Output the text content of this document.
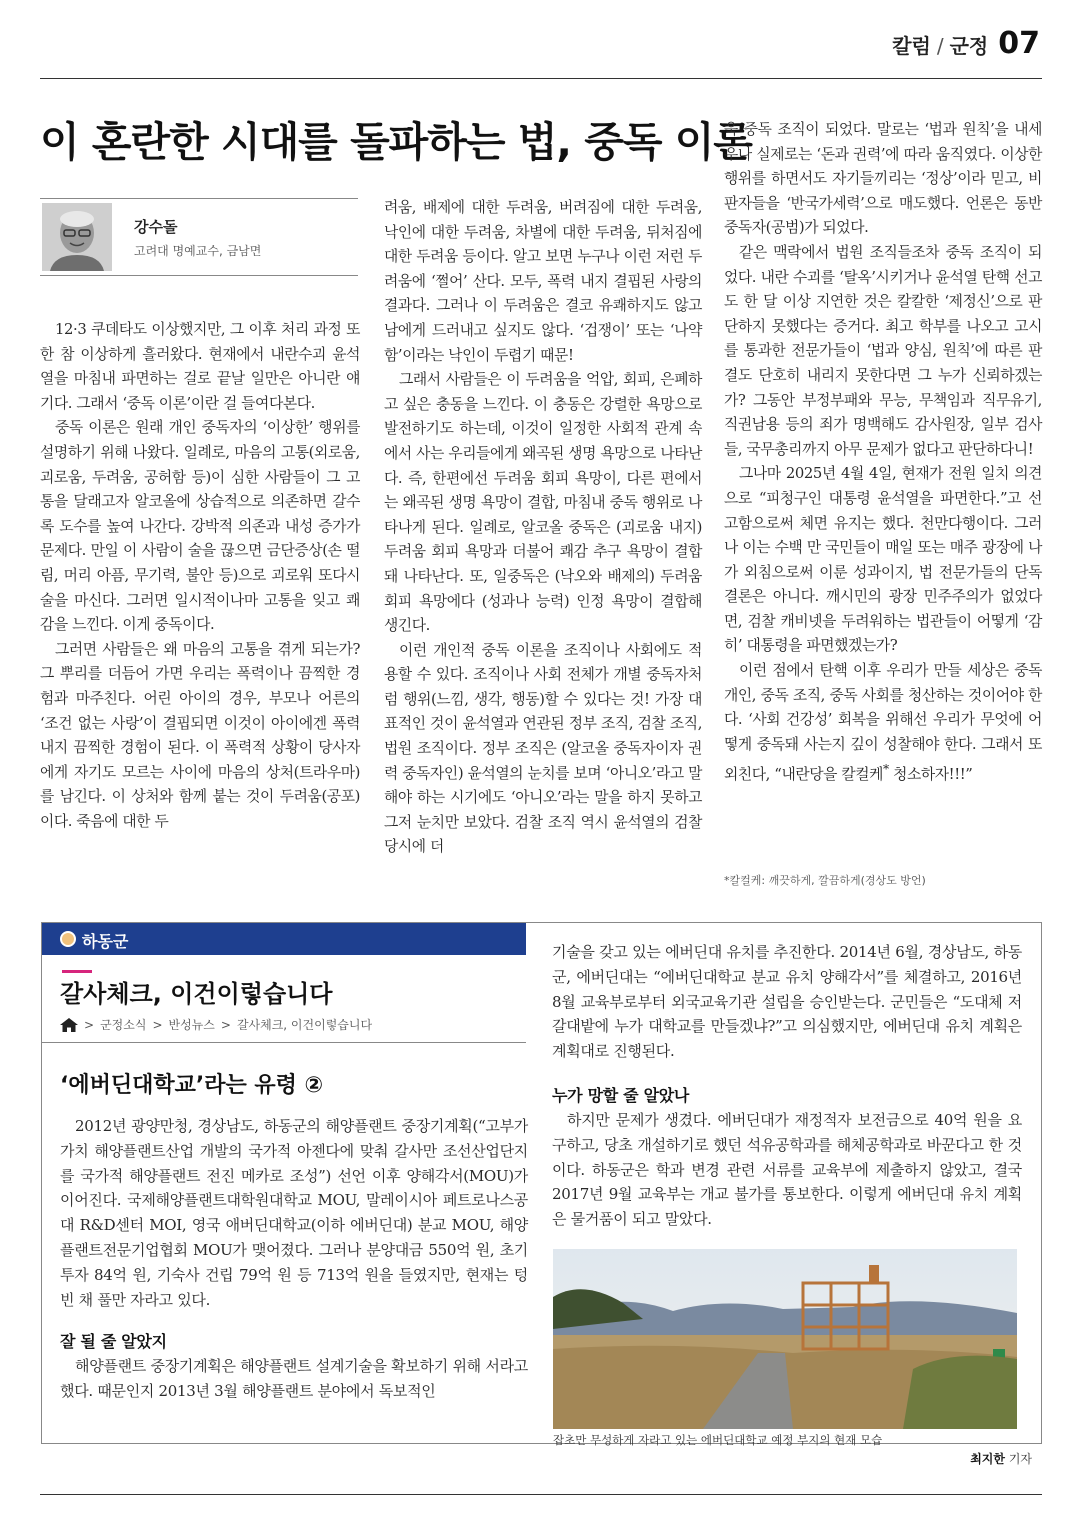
칼럼 / 군정 07
이 혼란한 시대를 돌파하는 법, 중독 이론
강수돌
고려대 명예교수, 금남면

12·3 쿠데타도 이상했지만, 그 이후 처리 과정 또한 참 이상하게 흘러왔다. 현재에서 내란수괴 윤석열을 마침내 파면하는 걸로 끝날 일만은 아니란 얘기다. 그래서 ‘중독 이론’이란 걸 들여다본다.

중독 이론은 원래 개인 중독자의 ‘이상한’ 행위를 설명하기 위해 나왔다. 일례로, 마음의 고통(외로움, 괴로움, 두려움, 공허함 등)이 심한 사람들이 그 고통을 달래고자 알코올에 상습적으로 의존하면 갈수록 도수를 높여 나간다. 강박적 의존과 내성 증가가 문제다. 만일 이 사람이 술을 끊으면 금단증상(손 떨림, 머리 아픔, 무기력, 불안 등)으로 괴로워 또다시 술을 마신다. 그러면 일시적이나마 고통을 잊고 쾌감을 느낀다. 이게 중독이다.

그러면 사람들은 왜 마음의 고통을 겪게 되는가? 그 뿌리를 더듬어 가면 우리는 폭력이나 끔찍한 경험과 마주친다. 어린 아이의 경우, 부모나 어른의 ‘조건 없는 사랑’이 결핍되면 이것이 아이에겐 폭력 내지 끔찍한 경험이 된다. 이 폭력적 상황이 당사자에게 자기도 모르는 사이에 마음의 상처(트라우마)를 남긴다. 이 상처와 함께 붙는 것이 두려움(공포)이다. 죽음에 대한 두

려움, 배제에 대한 두려움, 버려짐에 대한 두려움, 낙인에 대한 두려움, 차별에 대한 두려움, 뒤처짐에 대한 두려움 등이다. 알고 보면 누구나 이런 저런 두려움에 ‘쩔어’ 산다. 모두, 폭력 내지 결핍된 사랑의 결과다. 그러나 이 두려움은 결코 유쾌하지도 않고 남에게 드러내고 싶지도 않다. ‘겁쟁이’ 또는 ‘나약함’이라는 낙인이 두렵기 때문!

그래서 사람들은 이 두려움을 억압, 회피, 은폐하고 싶은 충동을 느낀다. 이 충동은 강렬한 욕망으로 발전하기도 하는데, 이것이 일정한 사회적 관계 속에서 사는 우리들에게 왜곡된 생명 욕망으로 나타난다. 즉, 한편에선 두려움 회피 욕망이, 다른 편에서는 왜곡된 생명 욕망이 결합, 마침내 중독 행위로 나타나게 된다. 일례로, 알코올 중독은 (괴로움 내지) 두려움 회피 욕망과 더불어 쾌감 추구 욕망이 결합돼 나타난다. 또, 일중독은 (낙오와 배제의) 두려움 회피 욕망에다 (성과나 능력) 인정 욕망이 결합해 생긴다.

이런 개인적 중독 이론을 조직이나 사회에도 적용할 수 있다. 조직이나 사회 전체가 개별 중독자처럼 행위(느낌, 생각, 행동)할 수 있다는 것! 가장 대표적인 것이 윤석열과 연관된 정부 조직, 검찰 조직, 법원 조직이다. 정부 조직은 (알코올 중독자이자 권력 중독자인) 윤석열의 눈치를 보며 ‘아니오’라고 말해야 하는 시기에도 ‘아니오’라는 말을 하지 못하고 그저 눈치만 보았다. 검찰 조직 역시 윤석열의 검찰 당시에 더

욱 중독 조직이 되었다. 말로는 ‘법과 원칙’을 내세우나 실제로는 ‘돈과 권력’에 따라 움직였다. 이상한 행위를 하면서도 자기들끼리는 ‘정상’이라 믿고, 비판자들을 ‘반국가세력’으로 매도했다. 언론은 동반중독자(공범)가 되었다.

같은 맥락에서 법원 조직들조차 중독 조직이 되었다. 내란 수괴를 ‘탈옥’시키거나 윤석열 탄핵 선고도 한 달 이상 지연한 것은 칼칼한 ‘제정신’으로 판단하지 못했다는 증거다. 최고 학부를 나오고 고시를 통과한 전문가들이 ‘법과 양심, 원칙’에 따른 판결도 단호히 내리지 못한다면 그 누가 신뢰하겠는가? 그동안 부정부패와 무능, 무책임과 직무유기, 직권남용 등의 죄가 명백해도 감사원장, 일부 검사들, 국무총리까지 아무 문제가 없다고 판단하다니!

그나마 2025년 4월 4일, 현재가 전원 일치 의견으로 “피청구인 대통령 윤석열을 파면한다.”고 선고함으로써 체면 유지는 했다. 천만다행이다. 그러나 이는 수백 만 국민들이 매일 또는 매주 광장에 나가 외침으로써 이룬 성과이지, 법 전문가들의 단독 결론은 아니다. 깨시민의 광장 민주주의가 없었다면, 검찰 캐비넷을 두려워하는 법관들이 어떻게 ‘감히’ 대통령을 파면했겠는가?

이런 점에서 탄핵 이후 우리가 만들 세상은 중독 개인, 중독 조직, 중독 사회를 청산하는 것이어야 한다. ‘사회 건강성’ 회복을 위해선 우리가 무엇에 어떻게 중독돼 사는지 깊이 성찰해야 한다. 그래서 또 외친다, “내란당을 칼컬케* 청소하자!!!”

*칼컬케: 깨끗하게, 깔끔하게(경상도 방언)
하동군
갈사체크, 이건이렇습니다
> 군정소식 > 반성뉴스 > 갈사체크, 이건이렇습니다
‘에버딘대학교’라는 유령 ②

2012년 광양만청, 경상남도, 하동군의 해양플랜트 중장기계획(“고부가가치 해양플랜트산업 개발의 국가적 아젠다에 맞춰 갈사만 조선산업단지를 국가적 해양플랜트 전진 메카로 조성”) 선언 이후 양해각서(MOU)가 이어진다. 국제해양플랜트대학원대학교 MOU, 말레이시아 페트로나스공대 R&D센터 MOI, 영국 애버딘대학교(이하 에버딘대) 분교 MOU, 해양플랜트전문기업협회 MOU가 맺어졌다. 그러나 분양대금 550억 원, 초기 투자 84억 원, 기숙사 건립 79억 원 등 713억 원을 들였지만, 현재는 텅 빈 채 풀만 자라고 있다.

잘 될 줄 알았지

해양플랜트 중장기계획은 해양플랜트 설계기술을 확보하기 위해 서라고 했다. 때문인지 2013년 3월 해양플랜트 분야에서 독보적인

기술을 갖고 있는 에버딘대 유치를 추진한다. 2014년 6월, 경상남도, 하동군, 에버딘대는 “에버딘대학교 분교 유치 양해각서”를 체결하고, 2016년 8월 교육부로부터 외국교육기관 설립을 승인받는다. 군민들은 “도대체 저 갈대밭에 누가 대학교를 만들겠냐?”고 의심했지만, 에버딘대 유치 계획은 계획대로 진행된다.

누가 망할 줄 알았나

하지만 문제가 생겼다. 에버딘대가 재정적자 보전금으로 40억 원을 요구하고, 당초 개설하기로 했던 석유공학과를 해체공학과로 바꾼다고 한 것이다. 하동군은 학과 변경 관련 서류를 교육부에 제출하지 않았고, 결국 2017년 9월 교육부는 개교 불가를 통보한다. 이렇게 에버딘대 유치 계획은 물거품이 되고 말았다.

잡초만 무성하게 자라고 있는 에버딘대학교 예정 부지의 현재 모습
최지한 기자
